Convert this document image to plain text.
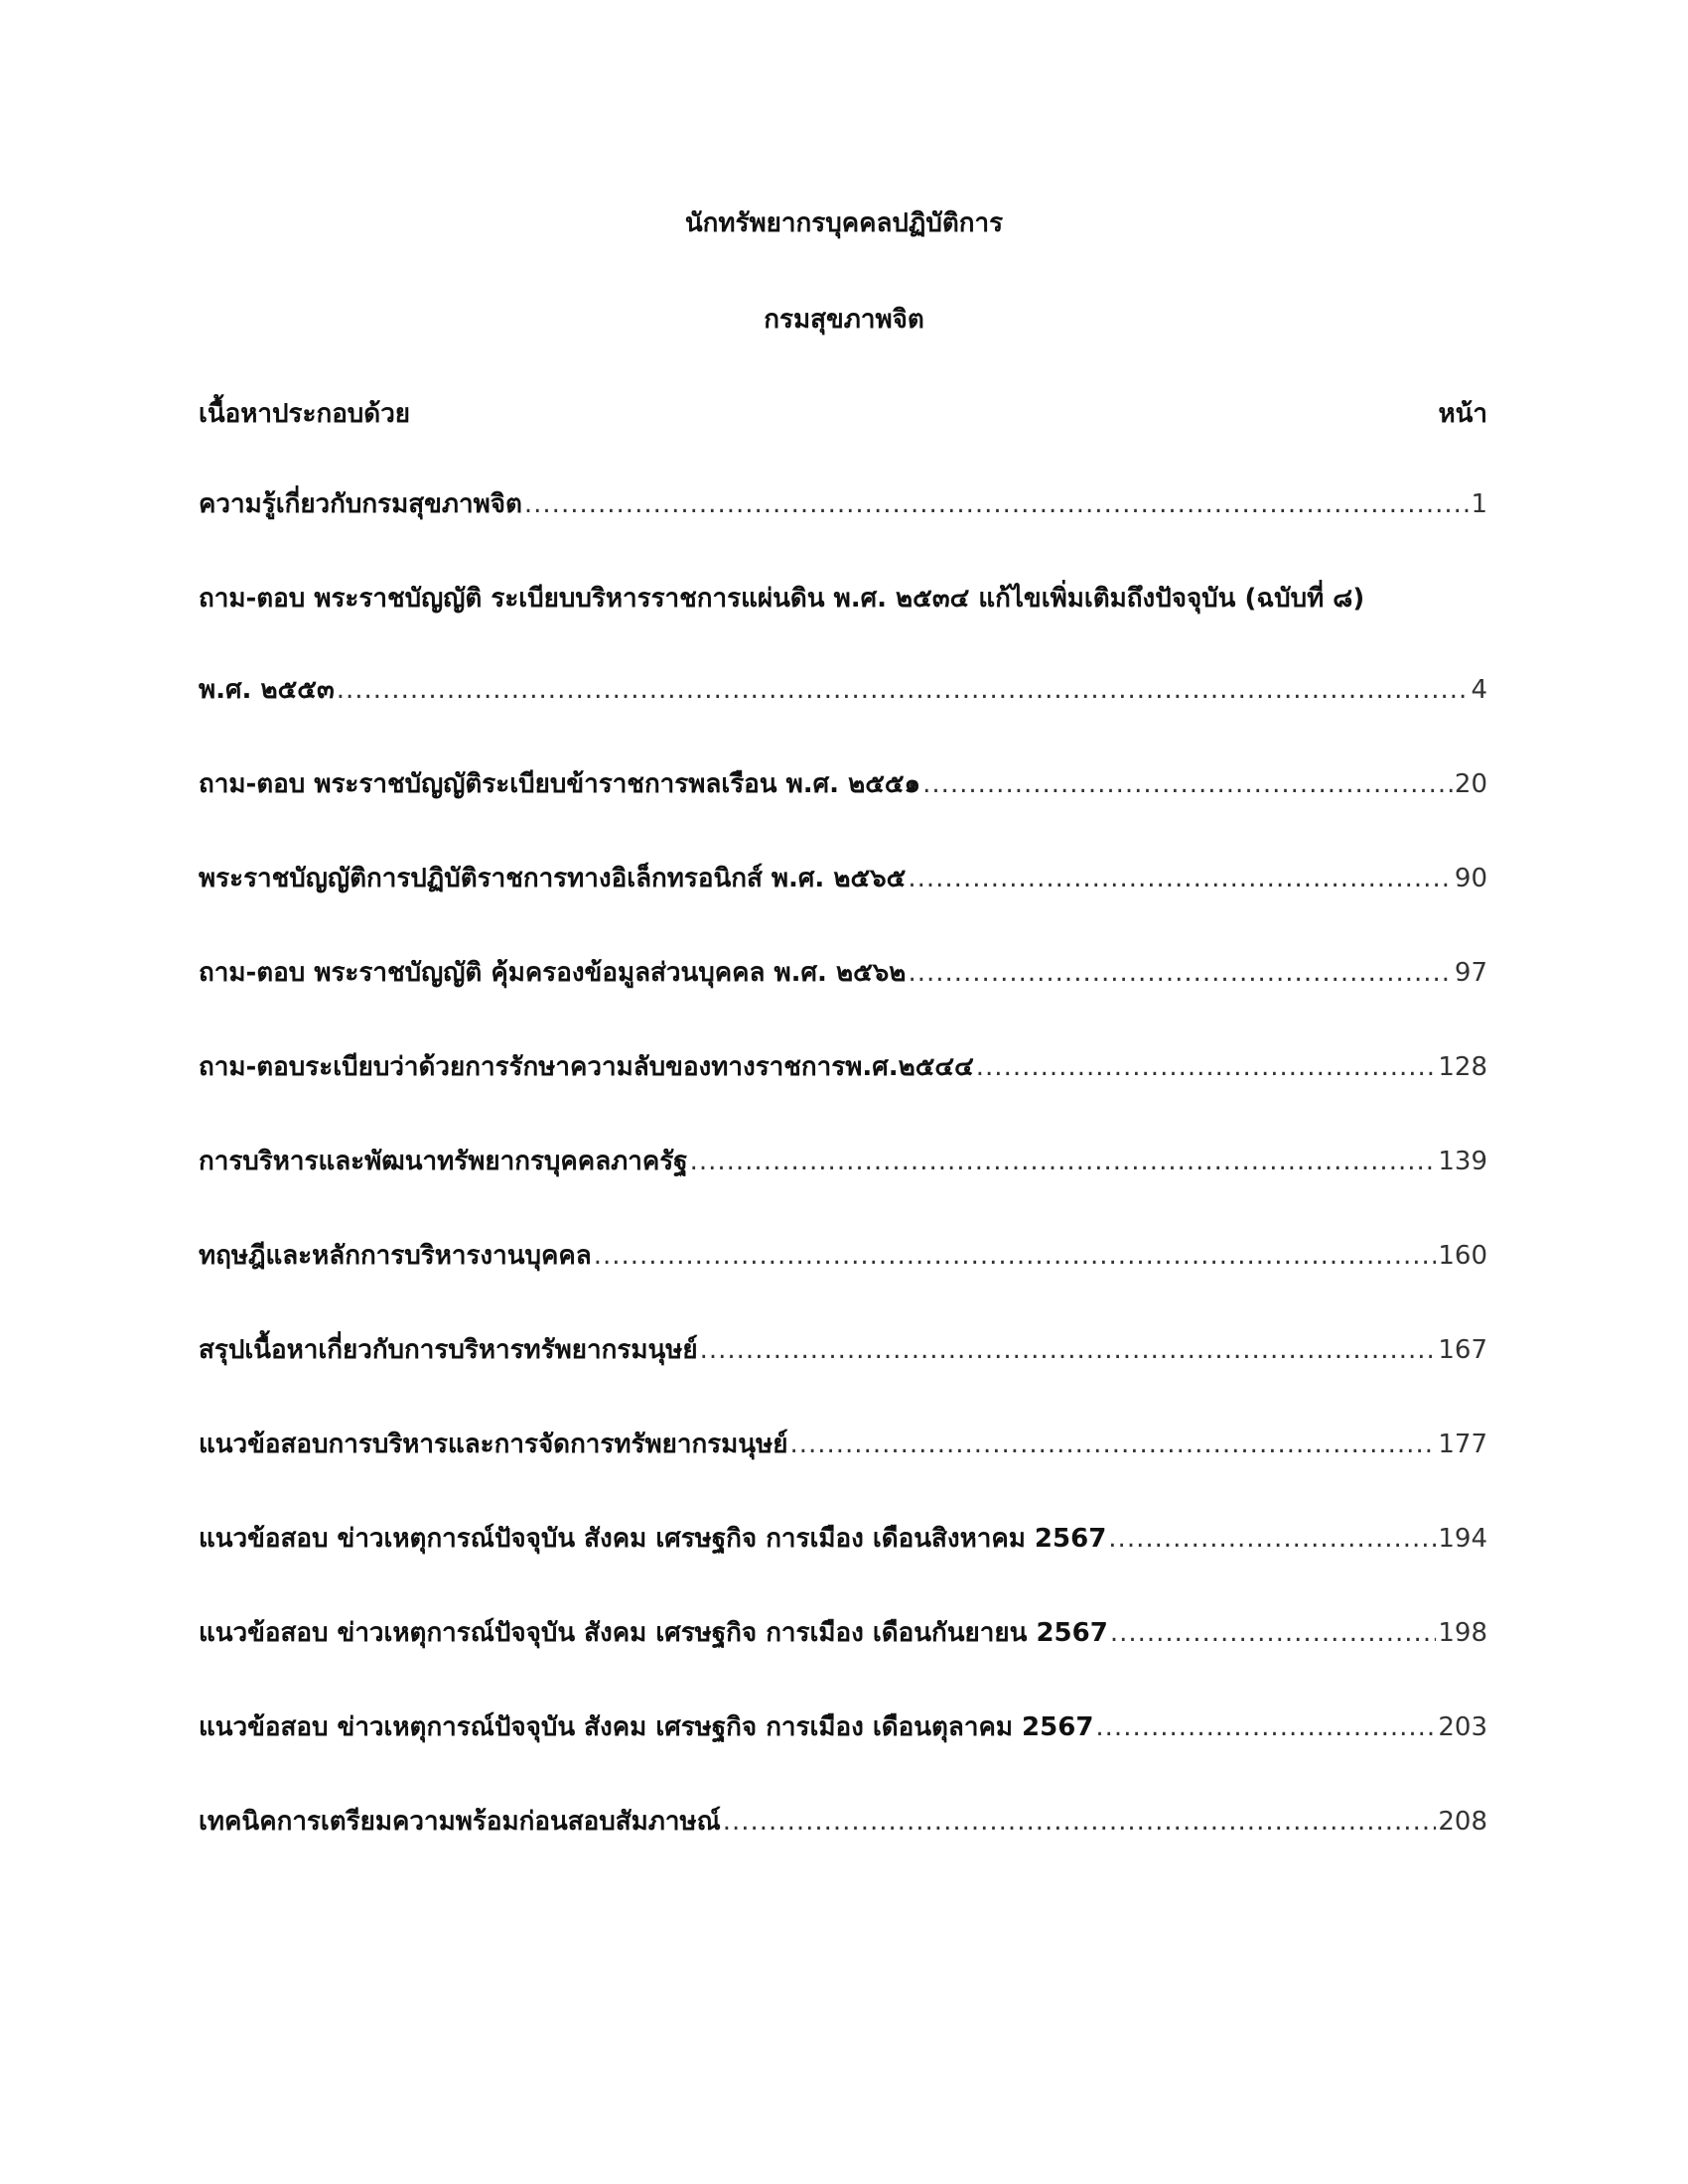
นักทรัพยากรบุคคลปฏิบัติการ
กรมสุขภาพจิต
เนื้อหาประกอบด้วย	หน้า
ความรู้เกี่ยวกับกรมสุขภาพจิต .....	1
ถาม-ตอบ พระราชบัญญัติ ระเบียบบริหารราชการแผ่นดิน พ.ศ. ๒๕๓๔ แก้ไขเพิ่มเติมถึงปัจจุบัน (ฉบับที่ ๘)
พ.ศ. ๒๕๕๓ .....	4
ถาม-ตอบ พระราชบัญญัติระเบียบข้าราชการพลเรือน พ.ศ. ๒๕๕๑ .....	20
พระราชบัญญัติการปฏิบัติราชการทางอิเล็กทรอนิกส์ พ.ศ. ๒๕๖๕ .....	90
ถาม-ตอบ พระราชบัญญัติ คุ้มครองข้อมูลส่วนบุคคล พ.ศ. ๒๕๖๒ .....	97
ถาม-ตอบระเบียบว่าด้วยการรักษาความลับของทางราชการพ.ศ.๒๕๔๔ .....	128
การบริหารและพัฒนาทรัพยากรบุคคลภาครัฐ .....	139
ทฤษฎีและหลักการบริหารงานบุคคล .....	160
สรุปเนื้อหาเกี่ยวกับการบริหารทรัพยากรมนุษย์ .....	167
แนวข้อสอบการบริหารและการจัดการทรัพยากรมนุษย์ .....	177
แนวข้อสอบ ข่าวเหตุการณ์ปัจจุบัน สังคม เศรษฐกิจ การเมือง เดือนสิงหาคม 2567 .....	194
แนวข้อสอบ ข่าวเหตุการณ์ปัจจุบัน สังคม เศรษฐกิจ การเมือง เดือนกันยายน 2567 .....	198
แนวข้อสอบ ข่าวเหตุการณ์ปัจจุบัน สังคม เศรษฐกิจ การเมือง เดือนตุลาคม 2567 .....	203
เทคนิคการเตรียมความพร้อมก่อนสอบสัมภาษณ์ .....	208
